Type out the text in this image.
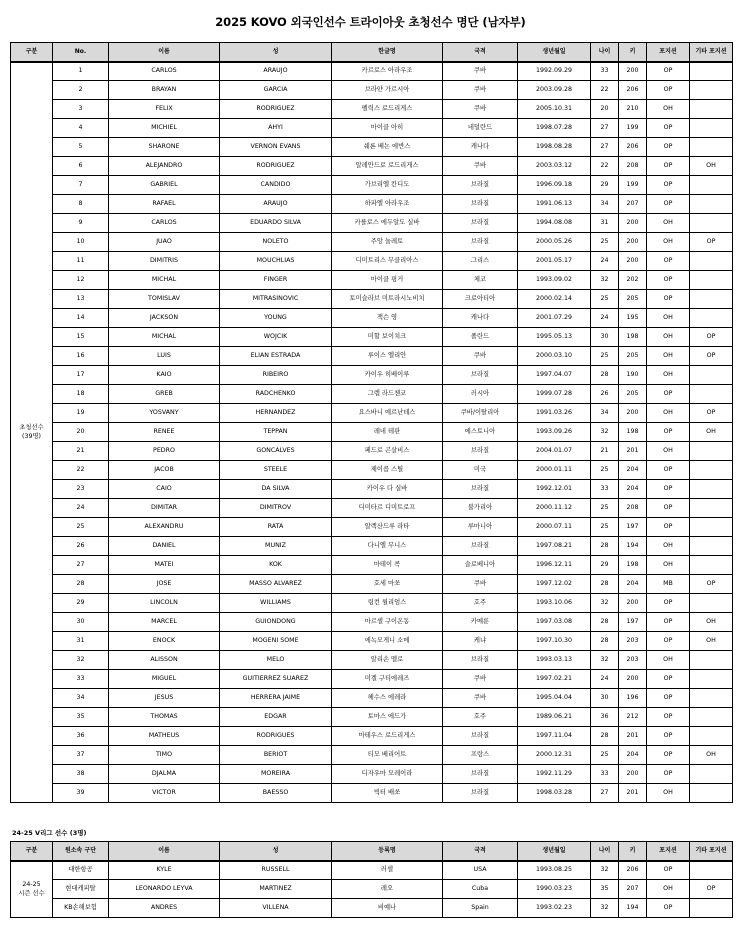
2025 KOVO 외국인선수 트라이아웃 초청선수 명단 (남자부)
구분	No.	이름	성	한글명	국적	생년월일	나이	키	포지션	기타 포지션

초청선수
(39명)	1	CARLOS	ARAUJO	카르로스 아라우조	쿠바	1992.09.29	33	200	OP	
	2	BRAYAN	GARCIA	브라얀 가르시아	쿠바	2003.09.28	22	206	OP	
	3	FELIX	RODRIGUEZ	펠릭스 로드리게스	쿠바	2005.10.31	20	210	OH	
	4	MICHIEL	AHYI	마이클 아히	네덜란드	1998.07.28	27	199	OP	
	5	SHARONE	VERNON EVANS	쉐론 베논 에반스	캐나다	1998.08.28	27	206	OP	
	6	ALEJANDRO	RODRIGUEZ	알레안드로 로드리게스	쿠바	2003.03.12	22	208	OP	OH
	7	GABRIEL	CANDIDO	가브리엘 칸디도	브라질	1996.09.18	29	199	OP	
	8	RAFAEL	ARAUJO	하파엘 아라우조	브라질	1991.06.13	34	207	OP	
	9	CARLOS	EDUARDO SILVA	카를로스 에두알도 실바	브라질	1994.08.08	31	200	OH	
	10	JUAO	NOLETO	주앙 놀레토	브라질	2000.05.26	25	200	OH	OP
	11	DIMITRIS	MOUCHLIAS	디미트리스 무클리아스	그리스	2001.05.17	24	200	OP	
	12	MICHAL	FINGER	마이클 핑거	체코	1993.09.02	32	202	OP	
	13	TOMISLAV	MITRASINOVIC	토미슬라브 미트라시노비치	크로아티아	2000.02.14	25	205	OP	
	14	JACKSON	YOUNG	잭슨 영	캐나다	2001.07.29	24	195	OH	
	15	MICHAL	WOJCIK	미할 보이치크	폴란드	1995.05.13	30	198	OH	OP
	16	LUIS	ELIAN ESTRADA	루이스 엘리안	쿠바	2000.03.10	25	205	OH	OP
	17	KAIO	RIBEIRO	카이우 히베이루	브라질	1997.04.07	28	190	OH	
	18	GREB	RADCHENKO	그렙 라드첸코	러시아	1999.07.28	26	205	OP	
	19	YOSVANY	HERNANDEZ	요스바니 에르난데스	쿠바/이탈리아	1991.03.26	34	200	OH	OP
	20	RENEE	TEPPAN	레네 테판	에스토니아	1993.09.26	32	198	OP	OH
	21	PEDRO	GONCALVES	페드로 곤살비스	브라질	2004.01.07	21	201	OH	
	22	JACOB	STEELE	제이콥 스틸	미국	2000.01.11	25	204	OP	
	23	CAIO	DA SILVA	카이우 다 실바	브라질	1992.12.01	33	204	OP	
	24	DIMITAR	DIMITROV	디미타르 디미트로프	불가리아	2000.11.12	25	208	OP	
	25	ALEXANDRU	RATA	알렉산드루 라타	루마니아	2000.07.11	25	197	OP	
	26	DANIEL	MUNIZ	다니엘 무니스	브라질	1997.08.21	28	194	OH	
	27	MATEI	KOK	마테이 콕	슬로베니아	1996.12.11	29	198	OH	
	28	JOSE	MASSO ALVAREZ	호세 마쏘	쿠바	1997.12.02	28	204	MB	OP
	29	LINCOLN	WILLIAMS	링컨 윌리엄스	호주	1993.10.06	32	200	OP	
	30	MARCEL	GUIONDONG	마르셀 구이온동	카메룬	1997.03.08	28	197	OP	OH
	31	ENOCK	MOGENI SOME	에녹모게니 소메	케냐	1997.10.30	28	203	OP	OH
	32	ALISSON	MELO	알리손 멜로	브라질	1993.03.13	32	203	OH	
	33	MIGUEL	GUITIERREZ SUAREZ	미겔 구티에레즈	쿠바	1997.02.21	24	200	OP	
	34	JESUS	HERRERA JAIME	헤수스 에레라	쿠바	1995.04.04	30	196	OP	
	35	THOMAS	EDGAR	토마스 에드가	호주	1989.06.21	36	212	OP	
	36	MATHEUS	RODRIGUES	마테우스 로드리게스	브라질	1997.11.04	28	201	OP	
	37	TIMO	BERIOT	티모 베리어트	프랑스	2000.12.31	25	204	OP	OH
	38	DJALMA	MOREIRA	디자우마 모레이라	브라질	1992.11.29	33	200	OP	
	39	VICTOR	BAESSO	빅터 배쏘	브라질	1998.03.28	27	201	OH	
24-25 V리그 선수 (3명)
구분	원소속 구단	이름	성	등록명	국적	생년월일	나이	키	포지션	기타 포지션

24-25
시즌 선수	대한항공	KYLE	RUSSELL	러셀	USA	1993.08.25	32	206	OP	
	현대캐피탈	LEONARDO LEYVA	MARTINEZ	레오	Cuba	1990.03.23	35	207	OH	OP
	KB손해보험	ANDRES	VILLENA	비예나	Spain	1993.02.23	32	194	OP	
